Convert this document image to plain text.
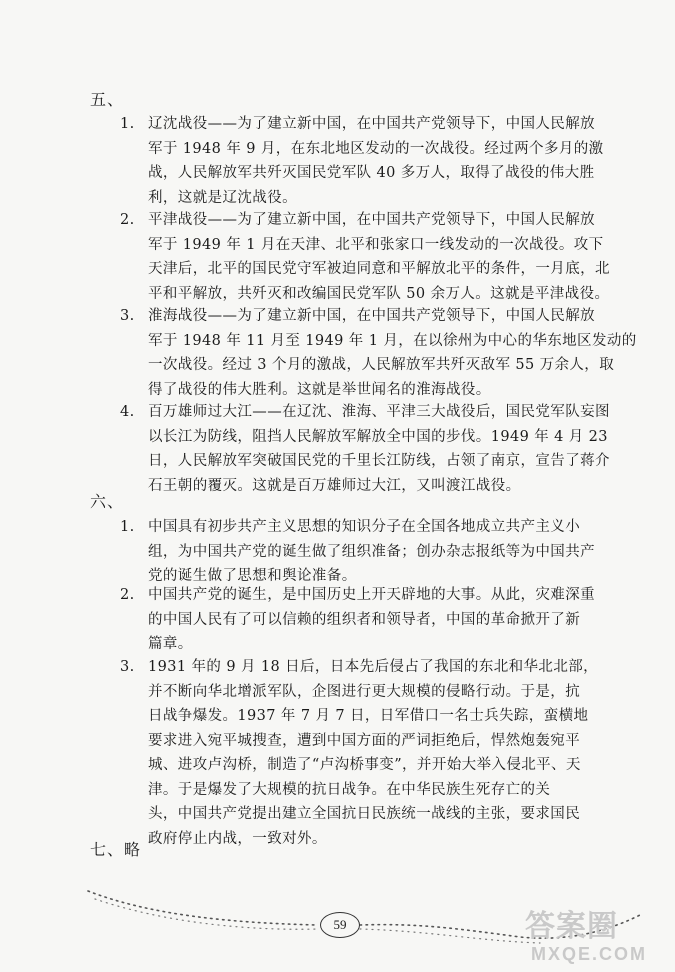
五、
1. 辽沈战役——为了建立新中国，在中国共产党领导下，中国人民解放
军于 1948 年 9 月，在东北地区发动的一次战役。经过两个多月的激
战，人民解放军共歼灭国民党军队 40 多万人，取得了战役的伟大胜
利，这就是辽沈战役。
2. 平津战役——为了建立新中国，在中国共产党领导下，中国人民解放
军于 1949 年 1 月在天津、北平和张家口一线发动的一次战役。攻下
天津后，北平的国民党守军被迫同意和平解放北平的条件，一月底，北
平和平解放，共歼灭和改编国民党军队 50 余万人。这就是平津战役。
3. 淮海战役——为了建立新中国，在中国共产党领导下，中国人民解放
军于 1948 年 11 月至 1949 年 1 月，在以徐州为中心的华东地区发动的
一次战役。经过 3 个月的激战，人民解放军共歼灭敌军 55 万余人，取
得了战役的伟大胜利。这就是举世闻名的淮海战役。
4. 百万雄师过大江——在辽沈、淮海、平津三大战役后，国民党军队妄图
以长江为防线，阻挡人民解放军解放全中国的步伐。1949 年 4 月 23
日，人民解放军突破国民党的千里长江防线，占领了南京，宣告了蒋介
石王朝的覆灭。这就是百万雄师过大江，又叫渡江战役。
六、
1. 中国具有初步共产主义思想的知识分子在全国各地成立共产主义小
组，为中国共产党的诞生做了组织准备；创办杂志报纸等为中国共产
党的诞生做了思想和舆论准备。
2. 中国共产党的诞生，是中国历史上开天辟地的大事。从此，灾难深重
的中国人民有了可以信赖的组织者和领导者，中国的革命掀开了新
篇章。
3. 1931 年的 9 月 18 日后，日本先后侵占了我国的东北和华北北部，
并不断向华北增派军队，企图进行更大规模的侵略行动。于是，抗
日战争爆发。1937 年 7 月 7 日，日军借口一名士兵失踪，蛮横地
要求进入宛平城搜查，遭到中国方面的严词拒绝后，悍然炮轰宛平
城、进攻卢沟桥，制造了“卢沟桥事变”，并开始大举入侵北平、天
津。于是爆发了大规模的抗日战争。在中华民族生死存亡的关
头，中国共产党提出建立全国抗日民族统一战线的主张，要求国民
政府停止内战，一致对外。
七、略
59	答案圈
MXQE.COM
